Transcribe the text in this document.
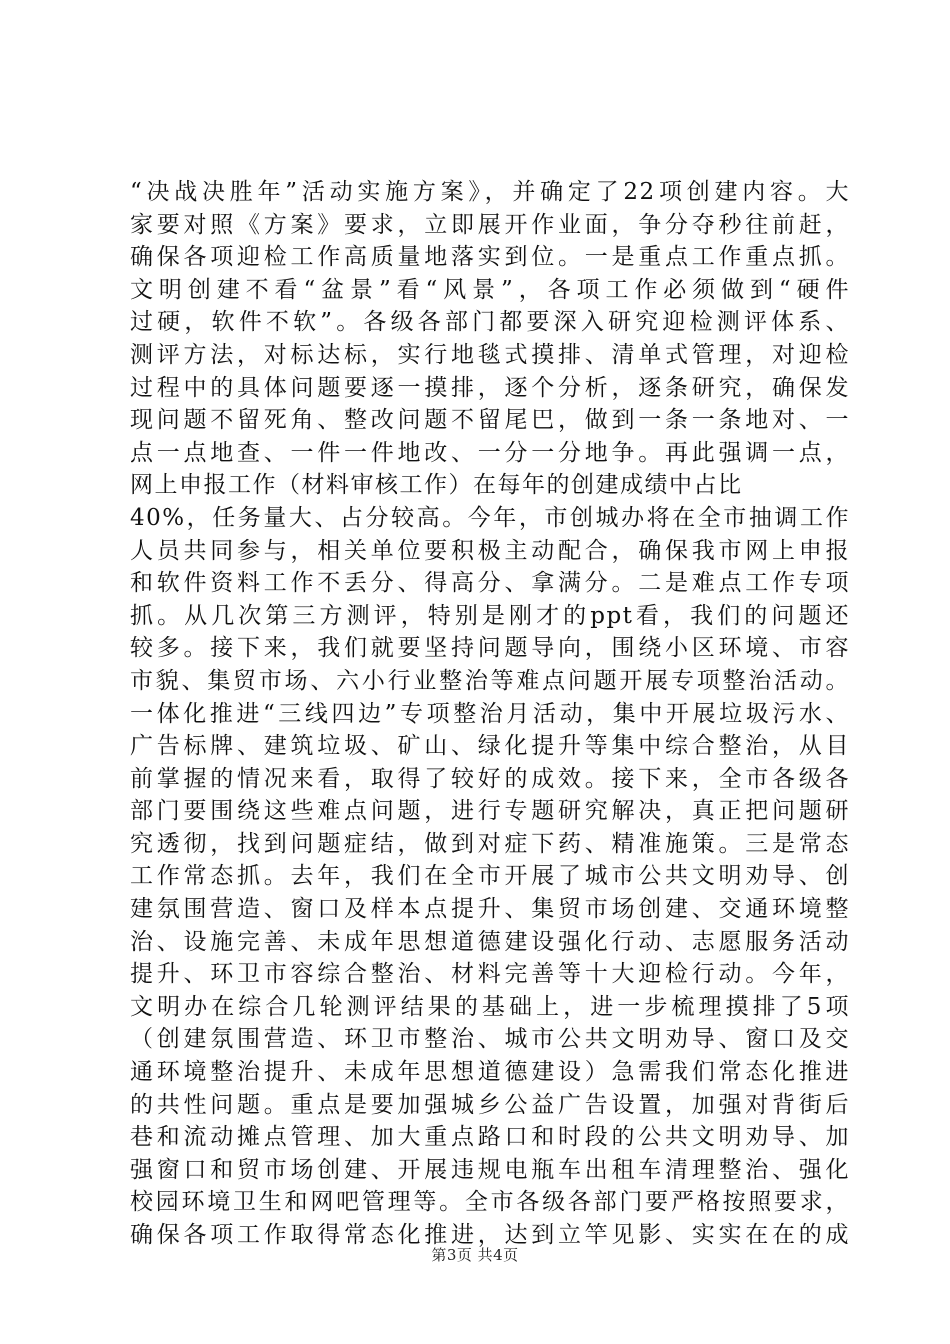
“决战决胜年”活动实施方案》，并确定了22项创建内容。大
家要对照《方案》要求，立即展开作业面，争分夺秒往前赶，
确保各项迎检工作高质量地落实到位。一是重点工作重点抓。
文明创建不看“盆景”看“风景”，各项工作必须做到“硬件
过硬，软件不软”。各级各部门都要深入研究迎检测评体系、
测评方法，对标达标，实行地毯式摸排、清单式管理，对迎检
过程中的具体问题要逐一摸排，逐个分析，逐条研究，确保发
现问题不留死角、整改问题不留尾巴，做到一条一条地对、一
点一点地查、一件一件地改、一分一分地争。再此强调一点，
网上申报工作（材料审核工作）在每年的创建成绩中占比
40%，任务量大、占分较高。今年，市创城办将在全市抽调工作
人员共同参与，相关单位要积极主动配合，确保我市网上申报
和软件资料工作不丢分、得高分、拿满分。二是难点工作专项
抓。从几次第三方测评，特别是刚才的ppt看，我们的问题还
较多。接下来，我们就要坚持问题导向，围绕小区环境、市容
市貌、集贸市场、六小行业整治等难点问题开展专项整治活动。
一体化推进“三线四边”专项整治月活动，集中开展垃圾污水、
广告标牌、建筑垃圾、矿山、绿化提升等集中综合整治，从目
前掌握的情况来看，取得了较好的成效。接下来，全市各级各
部门要围绕这些难点问题，进行专题研究解决，真正把问题研
究透彻，找到问题症结，做到对症下药、精准施策。三是常态
工作常态抓。去年，我们在全市开展了城市公共文明劝导、创
建氛围营造、窗口及样本点提升、集贸市场创建、交通环境整
治、设施完善、未成年思想道德建设强化行动、志愿服务活动
提升、环卫市容综合整治、材料完善等十大迎检行动。今年，
文明办在综合几轮测评结果的基础上，进一步梳理摸排了5项
（创建氛围营造、环卫市整治、城市公共文明劝导、窗口及交
通环境整治提升、未成年思想道德建设）急需我们常态化推进
的共性问题。重点是要加强城乡公益广告设置，加强对背街后
巷和流动摊点管理、加大重点路口和时段的公共文明劝导、加
强窗口和贸市场创建、开展违规电瓶车出租车清理整治、强化
校园环境卫生和网吧管理等。全市各级各部门要严格按照要求，
确保各项工作取得常态化推进，达到立竿见影、实实在在的成
第3页 共4页
